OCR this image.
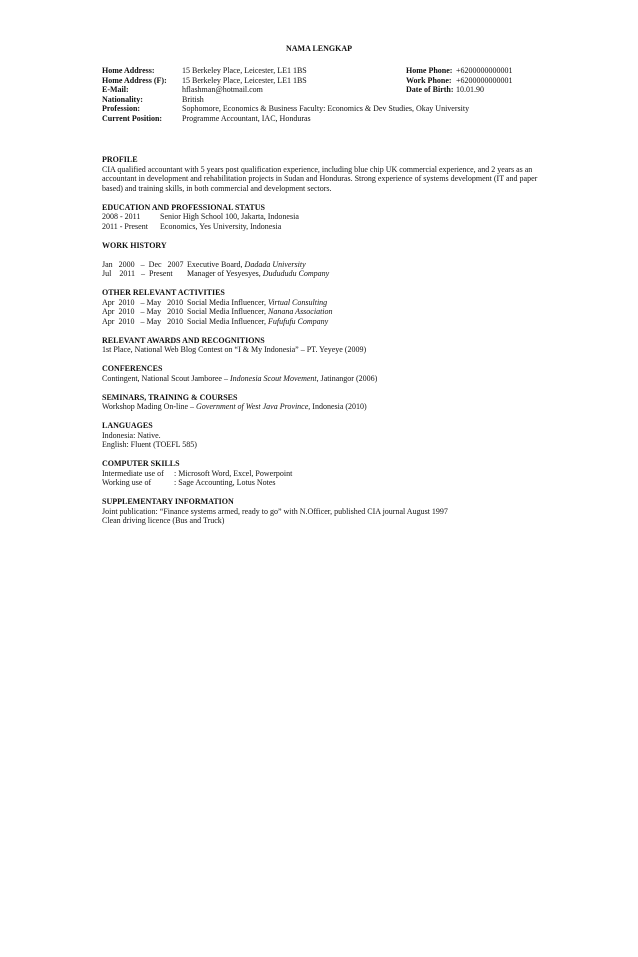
NAMA LENGKAP
Home Address:	15 Berkeley Place, Leicester, LE1 1BS	Home Phone: +6200000000001
Home Address (F): 15 Berkeley Place, Leicester, LE1 1BS	Work Phone: +6200000000001
E-Mail:	hflashman@hotmail.com	Date of Birth: 10.01.90
Nationality:	British
Profession:	Sophomore, Economics & Business Faculty: Economics & Dev Studies, Okay University
Current Position: Programme Accountant, IAC, Honduras
PROFILE
CIA qualified accountant with 5 years post qualification experience, including blue chip UK commercial experience, and 2 years as an accountant in development and rehabilitation projects in Sudan and Honduras. Strong experience of systems development (IT and paper based) and training skills, in both commercial and development sectors.
EDUCATION AND PROFESSIONAL STATUS
2008 - 2011 Senior High School 100, Jakarta, Indonesia
2011 - Present Economics, Yes University, Indonesia
WORK HISTORY
Jan   2000   –  Dec   2007 Executive Board, Dadada University
Jul    2011   –  Present Manager of Yesyesyes, Dudududu Company
OTHER RELEVANT ACTIVITIES
Apr  2010   – May   2010 Social Media Influencer, Virtual Consulting
Apr  2010   – May   2010 Social Media Influencer, Nanana Association
Apr  2010   – May   2010 Social Media Influencer, Fufufufu Company
RELEVANT AWARDS AND RECOGNITIONS
1st Place, National Web Blog Contest on “I & My Indonesia” – PT. Yeyeye (2009)
CONFERENCES
Contingent, National Scout Jamboree – Indonesia Scout Movement, Jatinangor (2006)
SEMINARS, TRAINING & COURSES
Workshop Mading On-line – Government of West Java Province, Indonesia (2010)
LANGUAGES
Indonesia: Native.
English: Fluent (TOEFL 585)
COMPUTER SKILLS
Intermediate use of : Microsoft Word, Excel, Powerpoint
Working use of	: Sage Accounting, Lotus Notes
SUPPLEMENTARY INFORMATION
Joint publication: “Finance systems armed, ready to go” with N.Officer, published CIA journal August 1997
Clean driving licence (Bus and Truck)
